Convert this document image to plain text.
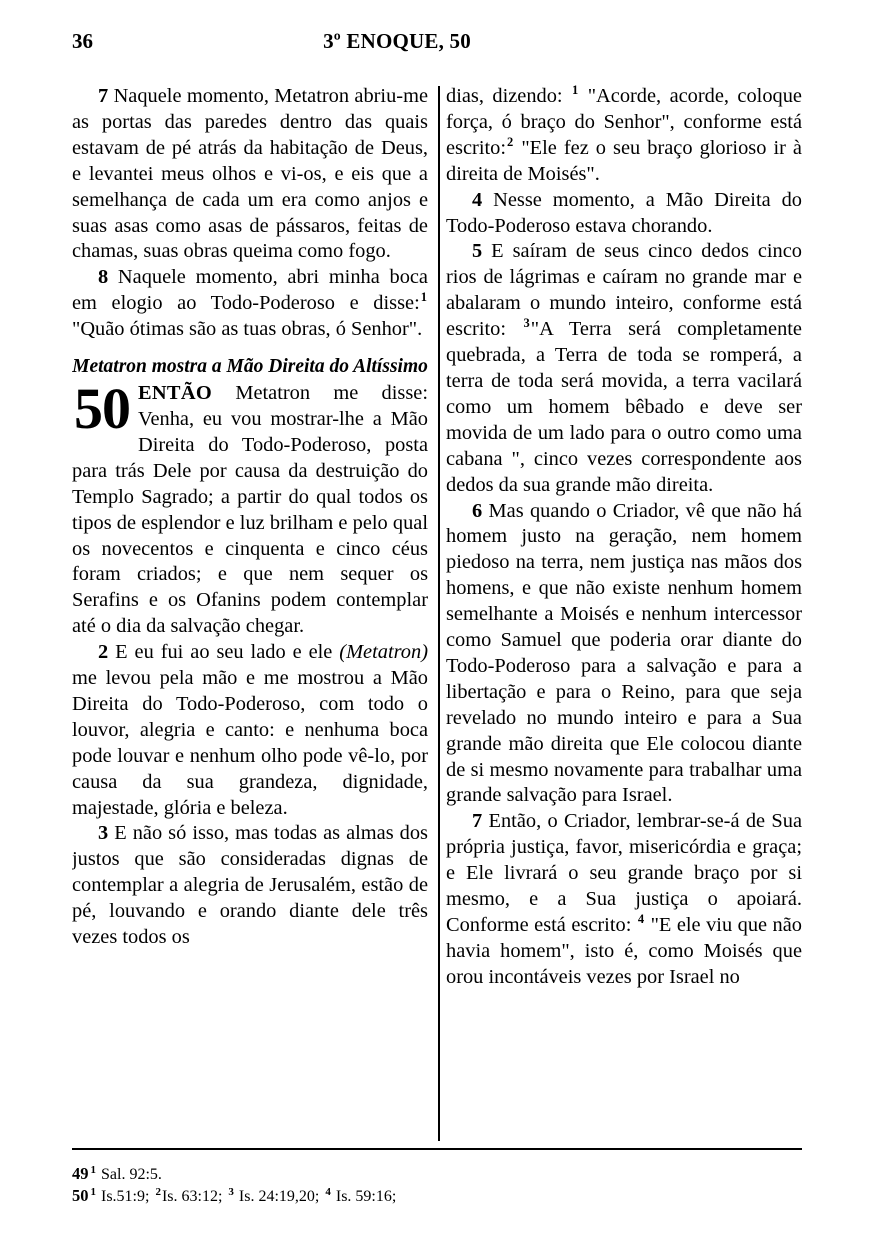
36	3º ENOQUE, 50

7 Naquele momento, Metatron abriu-me as portas das paredes dentro das quais estavam de pé atrás da habitação de Deus, e levantei meus olhos e vi-os, e eis que a semelhança de cada um era como anjos e suas asas como asas de pássaros, feitas de chamas, suas obras queima como fogo.

8 Naquele momento, abri minha boca em elogio ao Todo-Poderoso e disse:$^1$ "Quão ótimas são as tuas obras, ó Senhor".

Metatron mostra a Mão Direita do Altíssimo

50 ENTÃO Metatron me disse: Venha, eu vou mostrar-lhe a Mão Direita do Todo-Poderoso, posta para trás Dele por causa da destruição do Templo Sagrado; a partir do qual todos os tipos de esplendor e luz brilham e pelo qual os novecentos e cinquenta e cinco céus foram criados; e que nem sequer os Serafins e os Ofanins podem contemplar até o dia da salvação chegar.

2 E eu fui ao seu lado e ele (Metatron) me levou pela mão e me mostrou a Mão Direita do Todo-Poderoso, com todo o louvor, alegria e canto: e nenhuma boca pode louvar e nenhum olho pode vê-lo, por causa da sua grandeza, dignidade, majestade, glória e beleza.

3 E não só isso, mas todas as almas dos justos que são consideradas dignas de contemplar a alegria de Jerusalém, estão de pé, louvando e orando diante dele três vezes todos os

dias, dizendo: $^1$ "Acorde, acorde, coloque força, ó braço do Senhor", conforme está escrito:$^2$ "Ele fez o seu braço glorioso ir à direita de Moisés".

4 Nesse momento, a Mão Direita do Todo-Poderoso estava chorando.

5 E saíram de seus cinco dedos cinco rios de lágrimas e caíram no grande mar e abalaram o mundo inteiro, conforme está escrito: $^3$"A Terra será completamente quebrada, a Terra de toda se romperá, a terra de toda será movida, a terra vacilará como um homem bêbado e deve ser movida de um lado para o outro como uma cabana ", cinco vezes correspondente aos dedos da sua grande mão direita.

6 Mas quando o Criador, vê que não há homem justo na geração, nem homem piedoso na terra, nem justiça nas mãos dos homens, e que não existe nenhum homem semelhante a Moisés e nenhum intercessor como Samuel que poderia orar diante do Todo-Poderoso para a salvação e para a libertação e para o Reino, para que seja revelado no mundo inteiro e para a Sua grande mão direita que Ele colocou diante de si mesmo novamente para trabalhar uma grande salvação para Israel.

7 Então, o Criador, lembrar-se-á de Sua própria justiça, favor, misericórdia e graça; e Ele livrará o seu grande braço por si mesmo, e a Sua justiça o apoiará. Conforme está escrito: $^4$ "E ele viu que não havia homem", isto é, como Moisés que orou incontáveis vezes por Israel no

49 $^1$ Sal. 92:5.

50 $^1$ Is.51:9; $^2$Is. 63:12; $^3$ Is. 24:19,20; $^4$ Is. 59:16;
